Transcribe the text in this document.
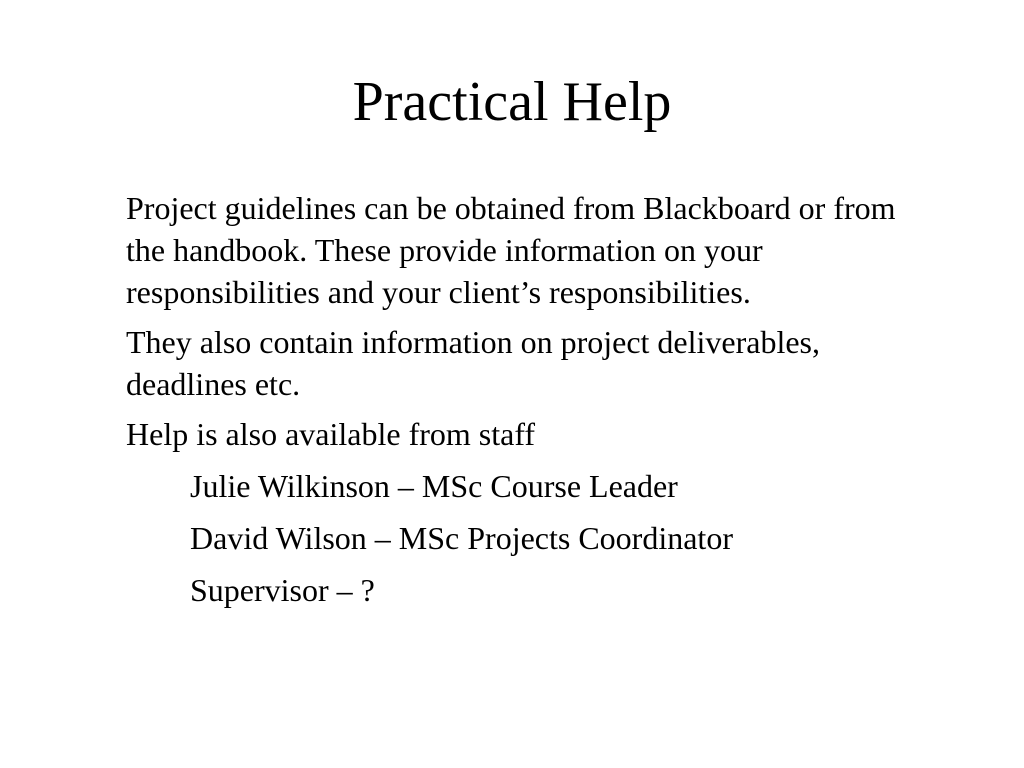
Practical Help

Project guidelines can be obtained from Blackboard or from the handbook. These provide information on your responsibilities and your client’s responsibilities.

They also contain information on project deliverables, deadlines etc.

Help is also available from staff

Julie Wilkinson – MSc Course Leader

David Wilson – MSc Projects Coordinator

Supervisor – ?
